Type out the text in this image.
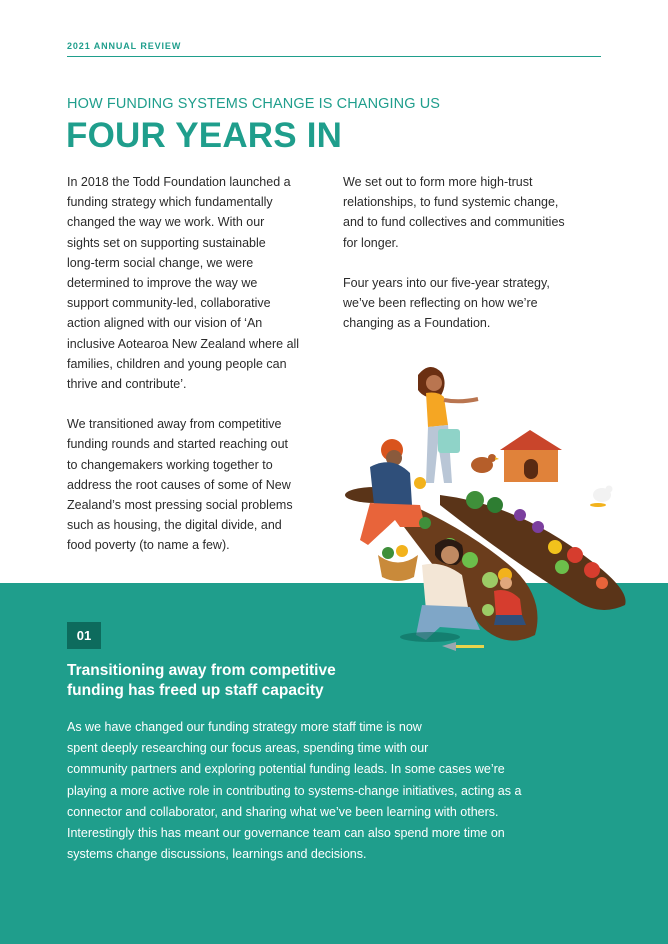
2021 ANNUAL REVIEW
HOW FUNDING SYSTEMS CHANGE IS CHANGING US
FOUR YEARS IN

In 2018 the Todd Foundation launched a
funding strategy which fundamentally
changed the way we work. With our
sights set on supporting sustainable
long-term social change, we were
determined to improve the way we
support community-led, collaborative
action aligned with our vision of ‘An
inclusive Aotearoa New Zealand where all
families, children and young people can
thrive and contribute’.

We transitioned away from competitive
funding rounds and started reaching out
to changemakers working together to
address the root causes of some of New
Zealand’s most pressing social problems
such as housing, the digital divide, and
food poverty (to name a few).

We set out to form more high-trust
relationships, to fund systemic change,
and to fund collectives and communities
for longer.

Four years into our five-year strategy,
we’ve been reflecting on how we’re
changing as a Foundation.

01
Transitioning away from competitive
funding has freed up staff capacity
As we have changed our funding strategy more staff time is now
spent deeply researching our focus areas, spending time with our
community partners and exploring potential funding leads. In some cases we’re
playing a more active role in contributing to systems-change initiatives, acting as a
connector and collaborator, and sharing what we’ve been learning with others.
Interestingly this has meant our governance team can also spend more time on
systems change discussions, learnings and decisions.
